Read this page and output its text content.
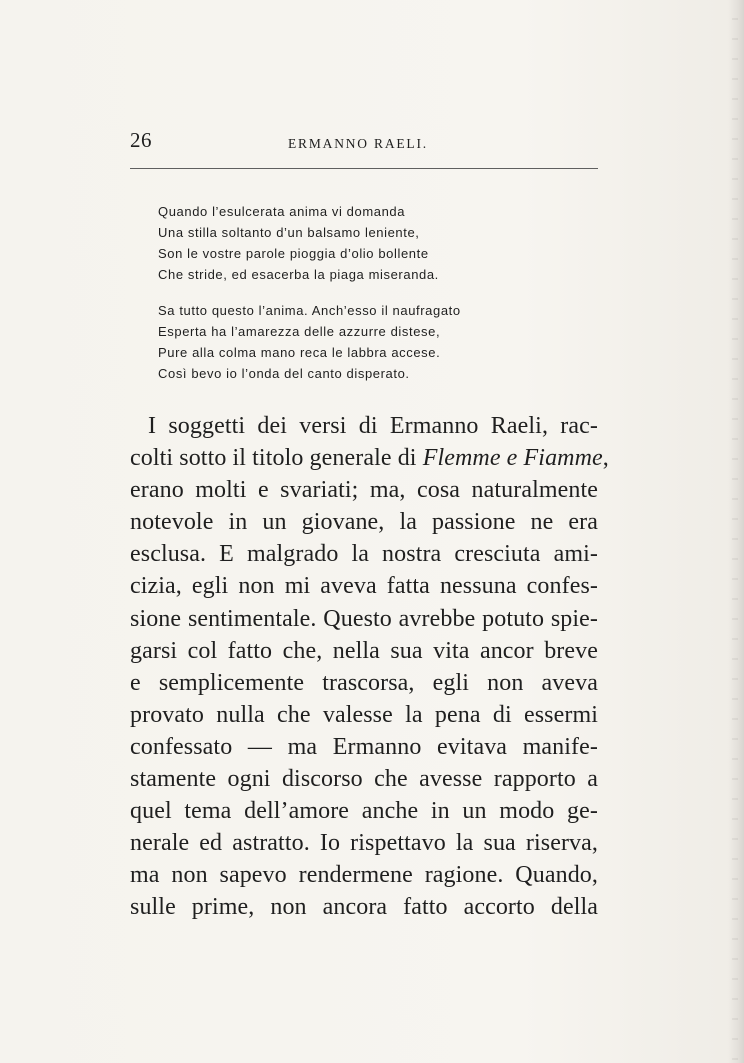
26	ERMANNO RAELI.

Quando l’esulcerata anima vi domanda
Una stilla soltanto d’un balsamo leniente,
Son le vostre parole pioggia d’olio bollente
Che stride, ed esacerba la piaga miseranda.

Sa tutto questo l’anima. Anch’esso il naufragato
Esperta ha l’amarezza delle azzurre distese,
Pure alla colma mano reca le labbra accese.
Così bevo io l’onda del canto disperato.

I soggetti dei versi di Ermanno Raeli, rac-
colti sotto il titolo generale di Flemme e Fiamme,
erano molti e svariati; ma, cosa naturalmente
notevole in un giovane, la passione ne era
esclusa. E malgrado la nostra cresciuta ami-
cizia, egli non mi aveva fatta nessuna confes-
sione sentimentale. Questo avrebbe potuto spie-
garsi col fatto che, nella sua vita ancor breve
e semplicemente trascorsa, egli non aveva
provato nulla che valesse la pena di essermi
confessato — ma Ermanno evitava manife-
stamente ogni discorso che avesse rapporto a
quel tema dell’amore anche in un modo ge-
nerale ed astratto. Io rispettavo la sua riserva,
ma non sapevo rendermene ragione. Quando,
sulle prime, non ancora fatto accorto della
